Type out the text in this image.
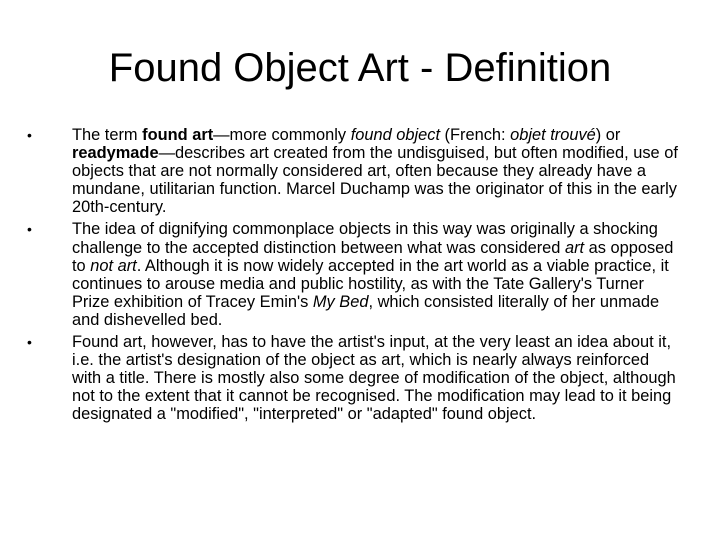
Found Object Art - Definition
• The term found art—more commonly found object (French: objet trouvé) or readymade—describes art created from the undisguised, but often modified, use of objects that are not normally considered art, often because they already have a mundane, utilitarian function. Marcel Duchamp was the originator of this in the early 20th-century.
• The idea of dignifying commonplace objects in this way was originally a shocking challenge to the accepted distinction between what was considered art as opposed to not art. Although it is now widely accepted in the art world as a viable practice, it continues to arouse media and public hostility, as with the Tate Gallery's Turner Prize exhibition of Tracey Emin's My Bed, which consisted literally of her unmade and dishevelled bed.
• Found art, however, has to have the artist's input, at the very least an idea about it, i.e. the artist's designation of the object as art, which is nearly always reinforced with a title. There is mostly also some degree of modification of the object, although not to the extent that it cannot be recognised. The modification may lead to it being designated a "modified", "interpreted" or "adapted" found object.
